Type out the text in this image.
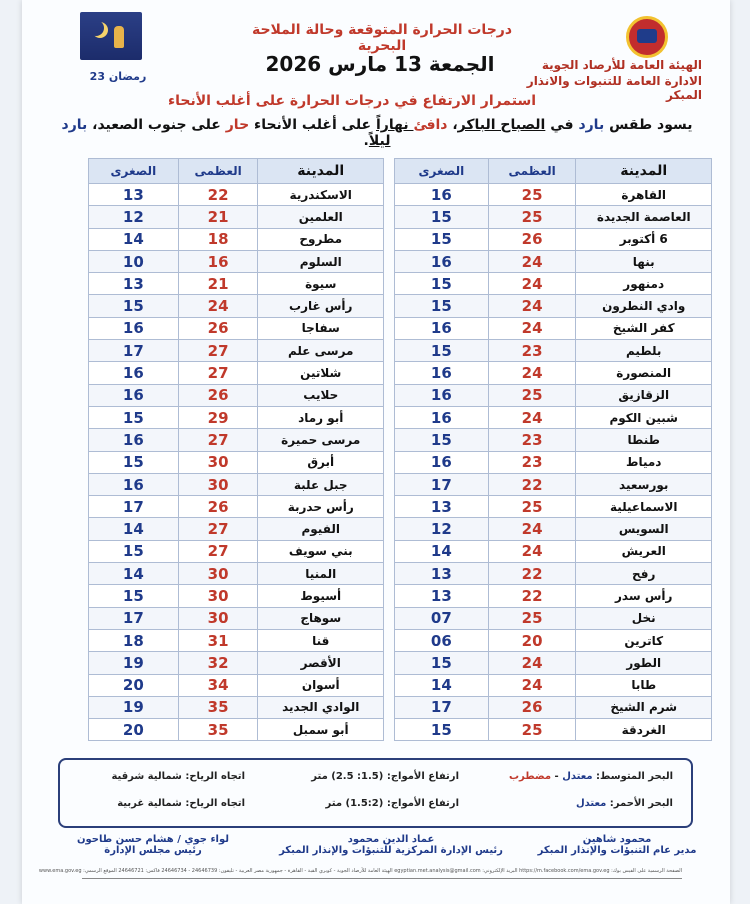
23 رمضان
الهيئة العامة للأرصاد الجوية
الادارة العامة للتنبوات والانذار المبكر
درجات الحرارة المتوقعة وحالة الملاحة البحرية
الجمعة 13 مارس 2026
استمرار الارتفاع في درجات الحرارة على أغلب الأنحاء
يسود طقس بارد في الصباح الباكر، دافئ نهاراً على أغلب الأنحاء حار على جنوب الصعيد، بارد ليلاً.
المدينة	العظمى	الصغرى
القاهرة	25	16
العاصمة الجديدة	25	15
6 أكتوبر	26	15
بنها	24	16
دمنهور	24	15
وادي النطرون	24	15
كفر الشيخ	24	16
بلطيم	23	15
المنصورة	24	16
الزقازيق	25	16
شبين الكوم	24	16
طنطا	23	15
دمياط	23	16
بورسعيد	22	17
الاسماعيلية	25	13
السويس	24	12
العريش	24	14
رفح	22	13
رأس سدر	22	13
نخل	25	07
كاترين	20	06
الطور	24	15
طابا	24	14
شرم الشيخ	26	17
الغردقة	25	15
المدينة	العظمى	الصغرى
الاسكندرية	22	13
العلمين	21	12
مطروح	18	14
السلوم	16	10
سيوة	21	13
رأس غارب	24	15
سفاجا	26	16
مرسى علم	27	17
شلاتين	27	16
حلايب	26	16
أبو رماد	29	15
مرسى حميرة	27	16
أبرق	30	15
جبل علبة	30	16
رأس حدربة	26	17
الفيوم	27	14
بني سويف	27	15
المنيا	30	14
أسيوط	30	15
سوهاج	30	17
قنا	31	18
الأقصر	32	19
أسوان	34	20
الوادي الجديد	35	19
أبو سمبل	35	20
البحر المتوسط: معتدل - مضطرب
ارتفاع الأمواج: (1.5: 2.5) متر
اتجاه الرياح: شمالية شرقية
البحر الأحمر: معتدل
ارتفاع الأمواج: (1.5:2) متر
اتجاه الرياح: شمالية غربية
محمود شاهين
مدير عام التنبؤات والإنذار المبكر
عماد الدين محمود
رئيس الإدارة المركزية للتنبؤات والإنذار المبكر
لواء جوي / هشام حسن طاحون
رئيس مجلس الإدارة
الصفحة الرسمية على الفيس بوك: https://m.facebook.com/ema.gov.eg البريد الإلكتروني: egyptian.met.analysis@gmail.com الهيئة العامة للأرصاد الجوية - كوبري القبة - القاهرة - جمهورية مصر العربية - تليفون: 24646739 - 24646734 فاكس: 24646721 الموقع الرسمي: www.ema.gov.eg
